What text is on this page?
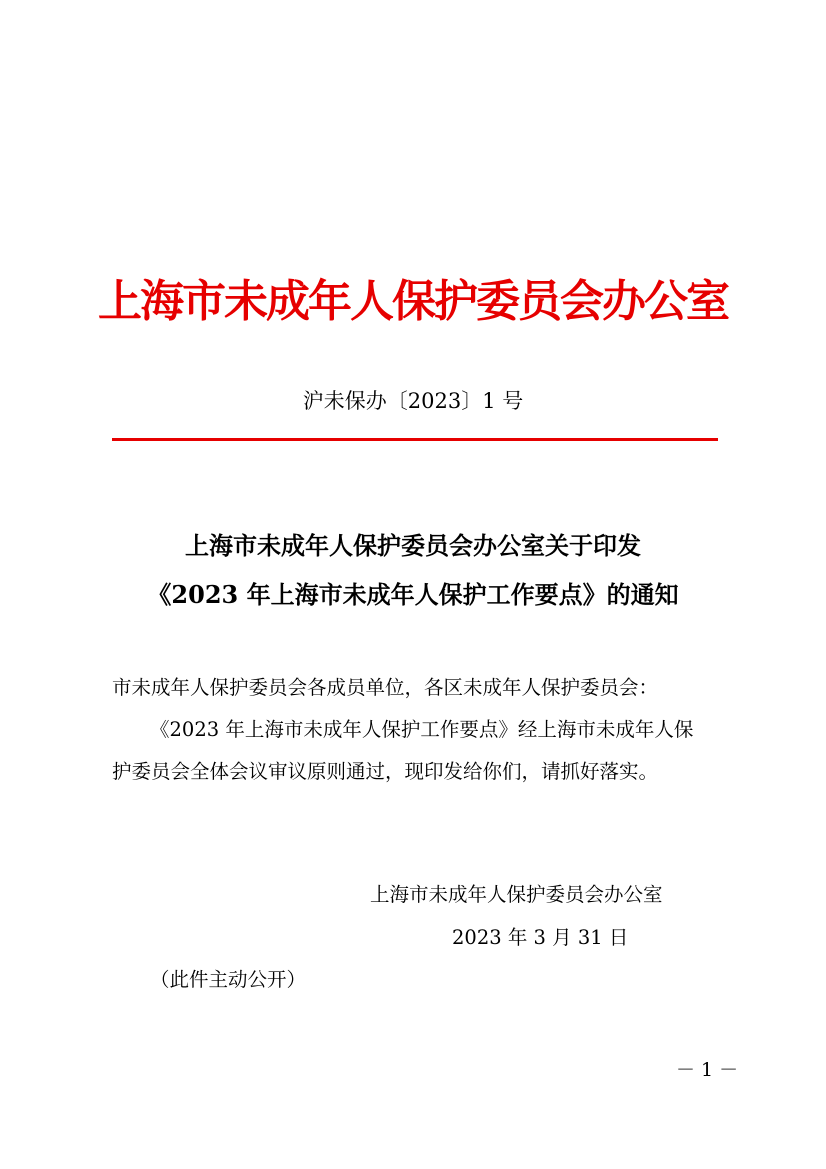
上海市未成年人保护委员会办公室
沪未保办〔2023〕1 号
上海市未成年人保护委员会办公室关于印发
《2023 年上海市未成年人保护工作要点》的通知
市未成年人保护委员会各成员单位，各区未成年人保护委员会：
《2023 年上海市未成年人保护工作要点》经上海市未成年人保
护委员会全体会议审议原则通过，现印发给你们，请抓好落实。
上海市未成年人保护委员会办公室
2023 年 3 月 31 日
（此件主动公开）
－ 1 －
